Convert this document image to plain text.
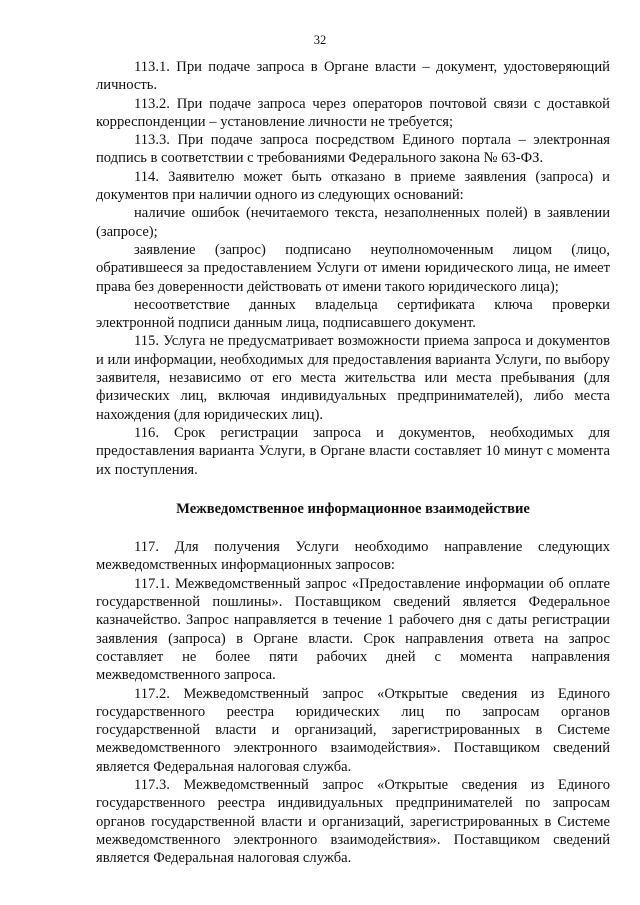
32

113.1. При подаче запроса в Органе власти – документ, удостоверяющий личность.

113.2. При подаче запроса через операторов почтовой связи с доставкой корреспонденции – установление личности не требуется;

113.3. При подаче запроса посредством Единого портала – электронная подпись в соответствии с требованиями Федерального закона № 63-ФЗ.

114. Заявителю может быть отказано в приеме заявления (запроса) и документов при наличии одного из следующих оснований:

наличие ошибок (нечитаемого текста, незаполненных полей) в заявлении (запросе);

заявление (запрос) подписано неуполномоченным лицом (лицо, обратившееся за предоставлением Услуги от имени юридического лица, не имеет права без доверенности действовать от имени такого юридического лица);

несоответствие данных владельца сертификата ключа проверки электронной подписи данным лица, подписавшего документ.

115. Услуга не предусматривает возможности приема запроса и документов и или информации, необходимых для предоставления варианта Услуги, по выбору заявителя, независимо от его места жительства или места пребывания (для физических лиц, включая индивидуальных предпринимателей), либо места нахождения (для юридических лиц).

116. Срок регистрации запроса и документов, необходимых для предоставления варианта Услуги, в Органе власти составляет 10 минут с момента их поступления.

Межведомственное информационное взаимодействие

117. Для получения Услуги необходимо направление следующих межведомственных информационных запросов:

117.1. Межведомственный запрос «Предоставление информации об оплате государственной пошлины». Поставщиком сведений является Федеральное казначейство. Запрос направляется в течение 1 рабочего дня с даты регистрации заявления (запроса) в Органе власти. Срок направления ответа на запрос составляет не более пяти рабочих дней с момента направления межведомственного запроса.

117.2. Межведомственный запрос «Открытые сведения из Единого государственного реестра юридических лиц по запросам органов государственной власти и организаций, зарегистрированных в Системе межведомственного электронного взаимодействия». Поставщиком сведений является Федеральная налоговая служба.

117.3. Межведомственный запрос «Открытые сведения из Единого государственного реестра индивидуальных предпринимателей по запросам органов государственной власти и организаций, зарегистрированных в Системе межведомственного электронного взаимодействия». Поставщиком сведений является Федеральная налоговая служба.
